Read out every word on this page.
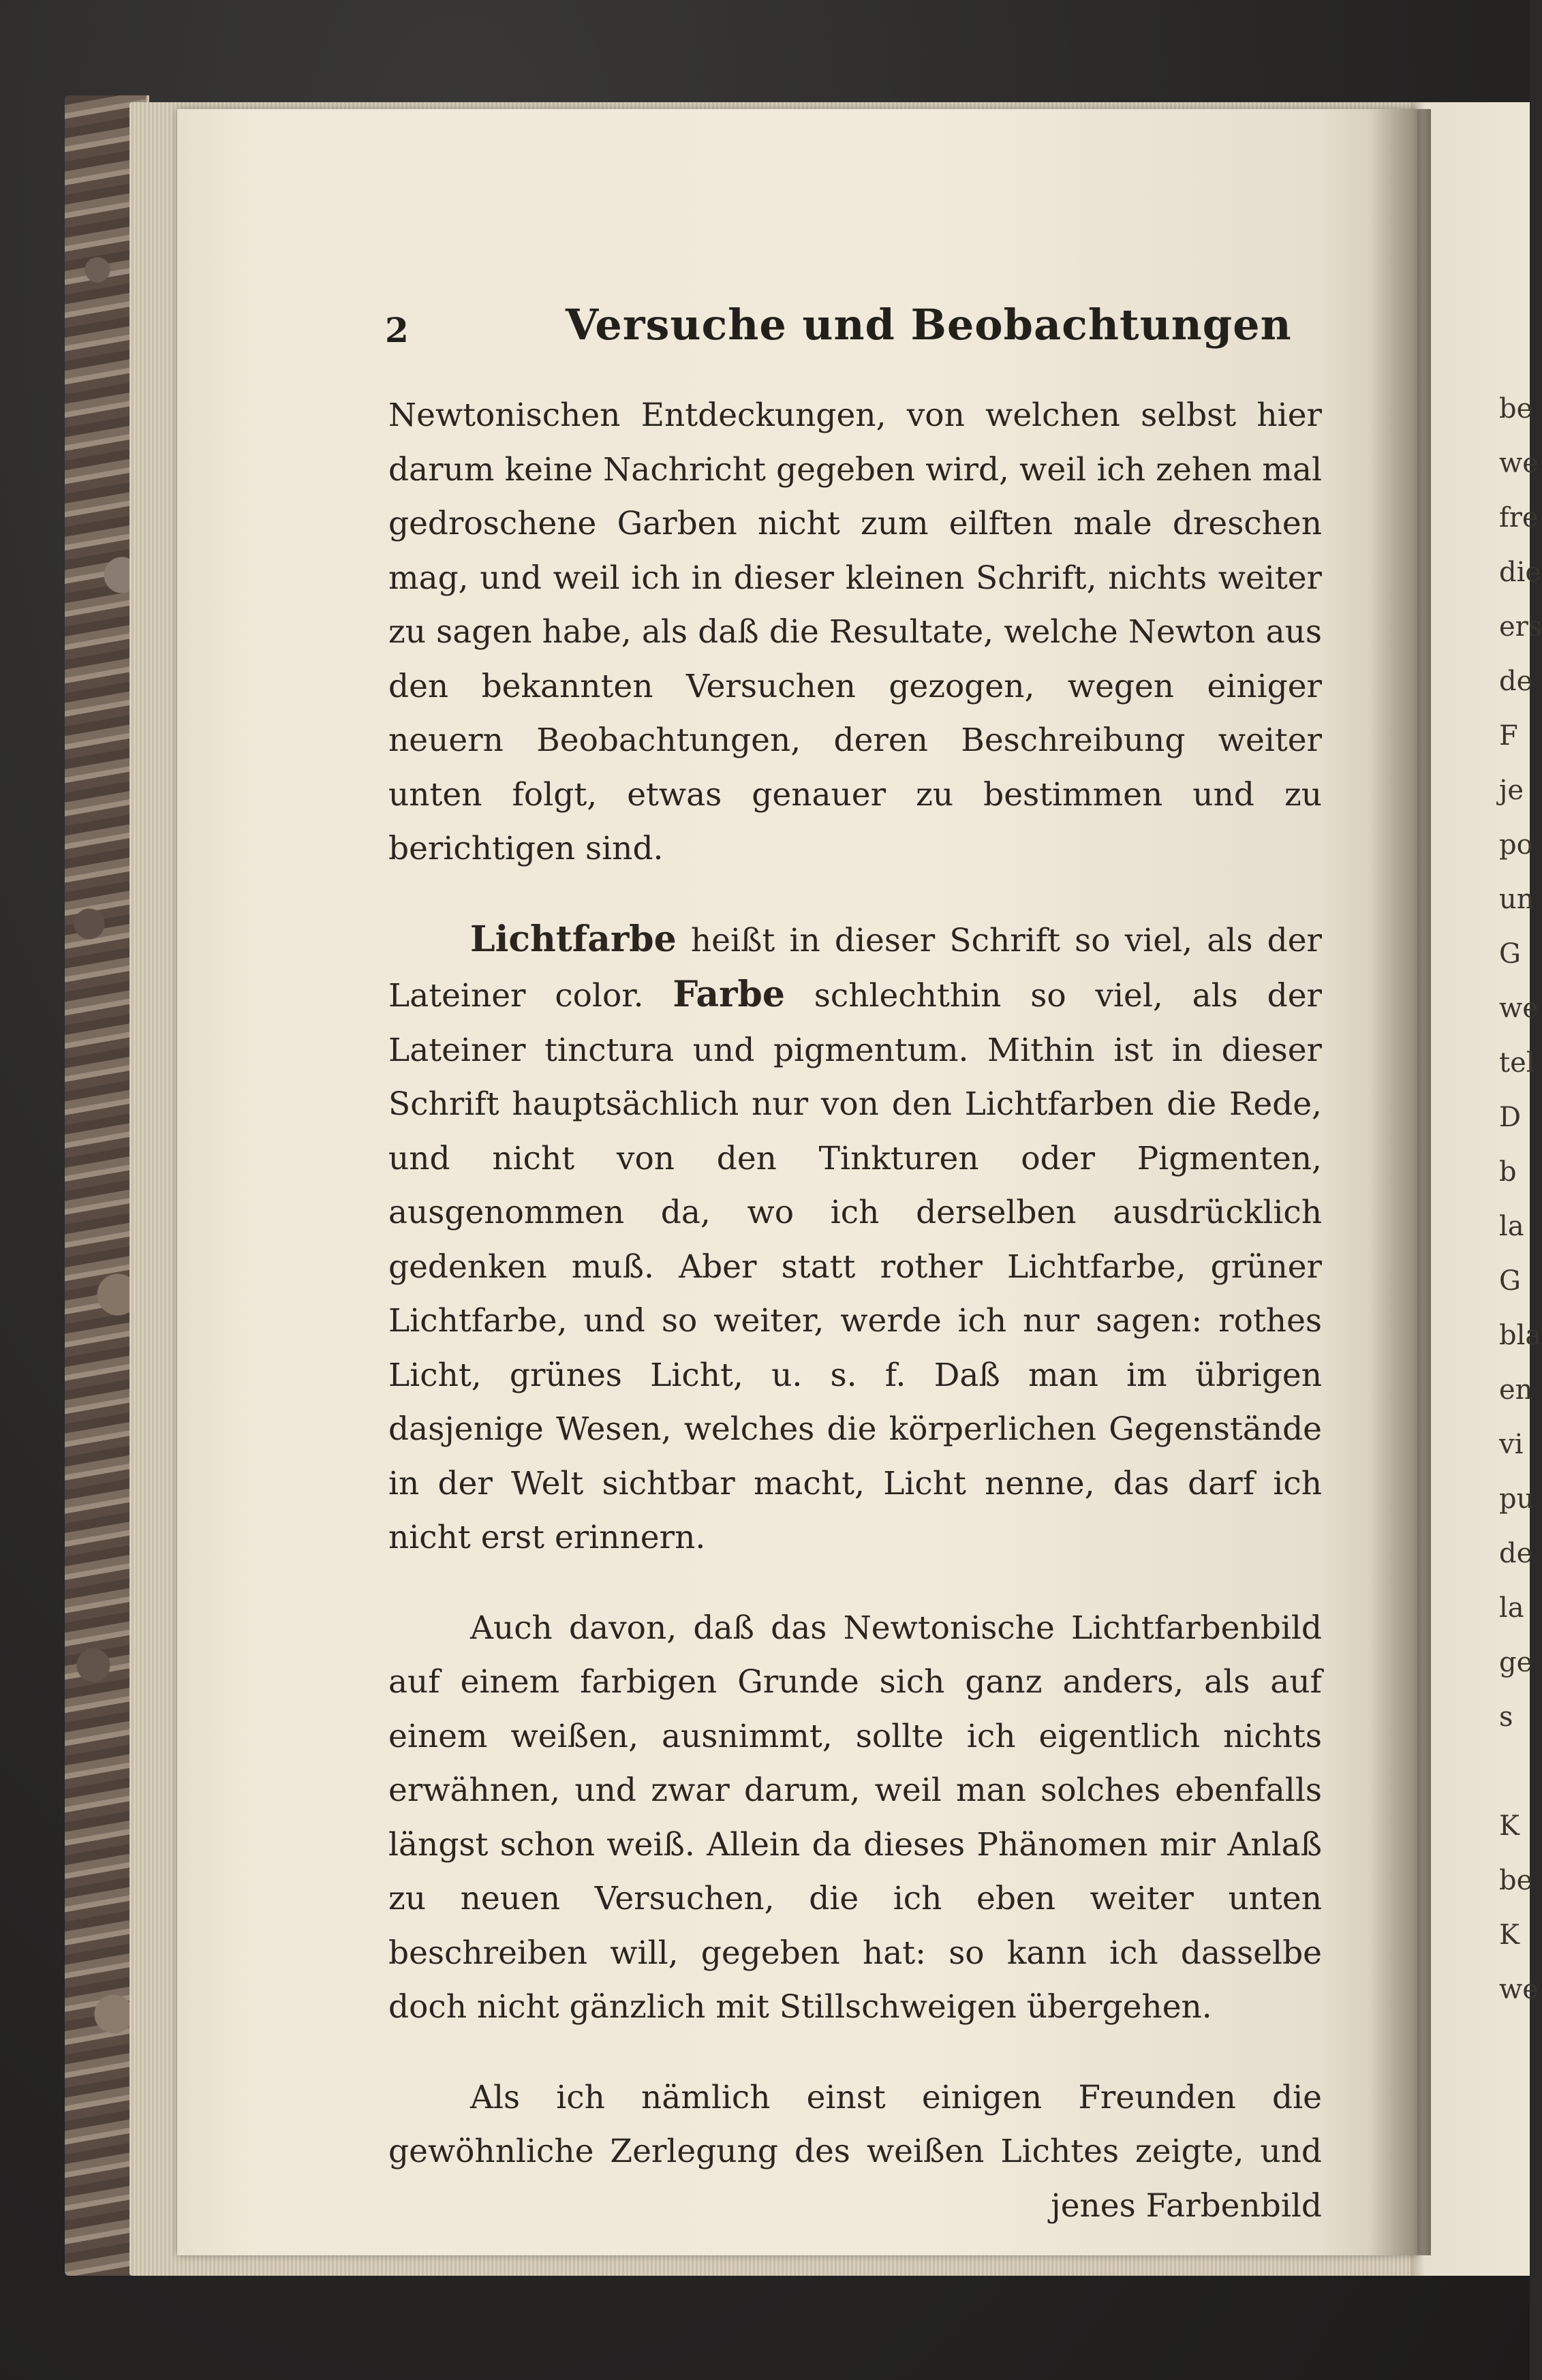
be
we
fre
die
ers
de
F
je
po
un
G
we
tel
D
b
la
G
bla
en
vi
pu
de
la
ge
s

K
be
K
we
2	Versuche und Beobachtungen

Newtonischen Entdeckungen, von welchen selbst hier darum keine Nachricht gegeben wird, weil ich zehen mal gedroschene Garben nicht zum eilften male dreschen mag, und weil ich in dieser kleinen Schrift, nichts weiter zu sagen habe, als daß die Resultate, welche Newton aus den bekannten Versuchen gezogen, wegen einiger neuern Beobachtungen, deren Beschreibung weiter unten folgt, etwas genauer zu bestimmen und zu berichtigen sind.

Lichtfarbe heißt in dieser Schrift so viel, als der Lateiner color. Farbe schlechthin so viel, als der Lateiner tinctura und pigmentum. Mithin ist in dieser Schrift hauptsächlich nur von den Lichtfarben die Rede, und nicht von den Tinkturen oder Pigmenten, ausgenommen da, wo ich derselben ausdrücklich gedenken muß. Aber statt rother Lichtfarbe, grüner Lichtfarbe, und so weiter, werde ich nur sagen: rothes Licht, grünes Licht, u. s. f. Daß man im übrigen dasjenige Wesen, welches die körperlichen Gegenstände in der Welt sichtbar macht, Licht nenne, das darf ich nicht erst erinnern.

Auch davon, daß das Newtonische Lichtfarbenbild auf einem farbigen Grunde sich ganz anders, als auf einem weißen, ausnimmt, sollte ich eigentlich nichts erwähnen, und zwar darum, weil man solches ebenfalls längst schon weiß. Allein da dieses Phänomen mir Anlaß zu neuen Versuchen, die ich eben weiter unten beschreiben will, gegeben hat: so kann ich dasselbe doch nicht gänzlich mit Stillschweigen übergehen.

Als ich nämlich einst einigen Freunden die gewöhnliche Zerlegung des weißen Lichtes zeigte, und jenes Farbenbild
